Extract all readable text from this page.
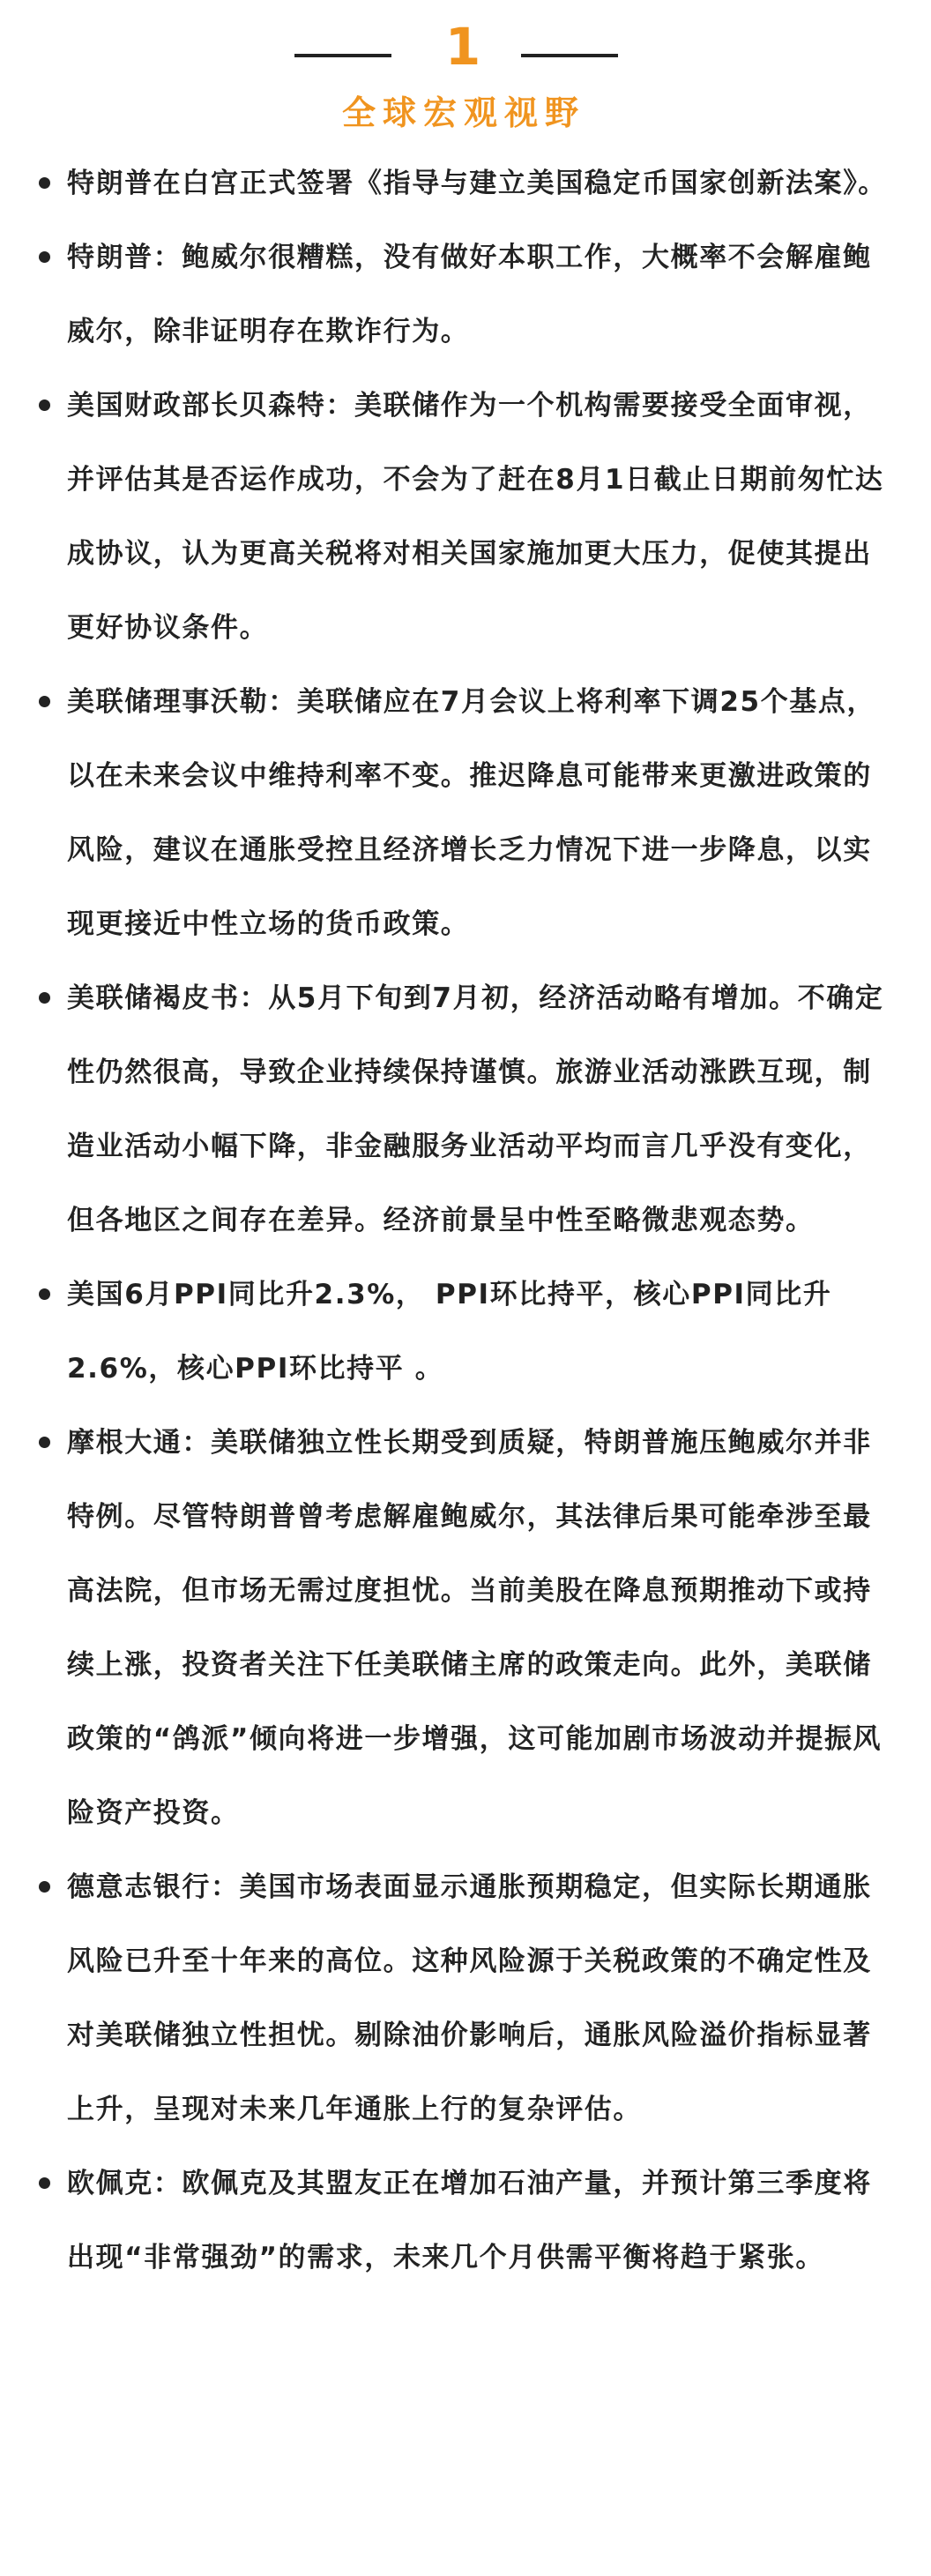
1
全球宏观视野
特朗普在白宫正式签署《指导与建立美国稳定币国家创新法案》。
特朗普：鲍威尔很糟糕，没有做好本职工作，大概率不会解雇鲍威尔，除非证明存在欺诈行为。
美国财政部长贝森特：美联储作为一个机构需要接受全面审视，并评估其是否运作成功，不会为了赶在8月1日截止日期前匆忙达成协议，认为更高关税将对相关国家施加更大压力，促使其提出更好协议条件。
美联储理事沃勒：美联储应在7月会议上将利率下调25个基点，以在未来会议中维持利率不变。推迟降息可能带来更激进政策的风险，建议在通胀受控且经济增长乏力情况下进一步降息，以实现更接近中性立场的货币政策。
美联储褐皮书：从5月下旬到7月初，经济活动略有增加。不确定性仍然很高，导致企业持续保持谨慎。旅游业活动涨跌互现，制造业活动小幅下降，非金融服务业活动平均而言几乎没有变化，但各地区之间存在差异。经济前景呈中性至略微悲观态势。
美国6月PPI同比升2.3%， PPI环比持平，核心PPI同比升2.6%，核心PPI环比持平 。
摩根大通：美联储独立性长期受到质疑，特朗普施压鲍威尔并非特例。尽管特朗普曾考虑解雇鲍威尔，其法律后果可能牵涉至最高法院，但市场无需过度担忧。当前美股在降息预期推动下或持续上涨，投资者关注下任美联储主席的政策走向。此外，美联储政策的“鸽派”倾向将进一步增强，这可能加剧市场波动并提振风险资产投资。
德意志银行：美国市场表面显示通胀预期稳定，但实际长期通胀风险已升至十年来的高位。这种风险源于关税政策的不确定性及对美联储独立性担忧。剔除油价影响后，通胀风险溢价指标显著上升，呈现对未来几年通胀上行的复杂评估。
欧佩克：欧佩克及其盟友正在增加石油产量，并预计第三季度将出现“非常强劲”的需求，未来几个月供需平衡将趋于紧张。
